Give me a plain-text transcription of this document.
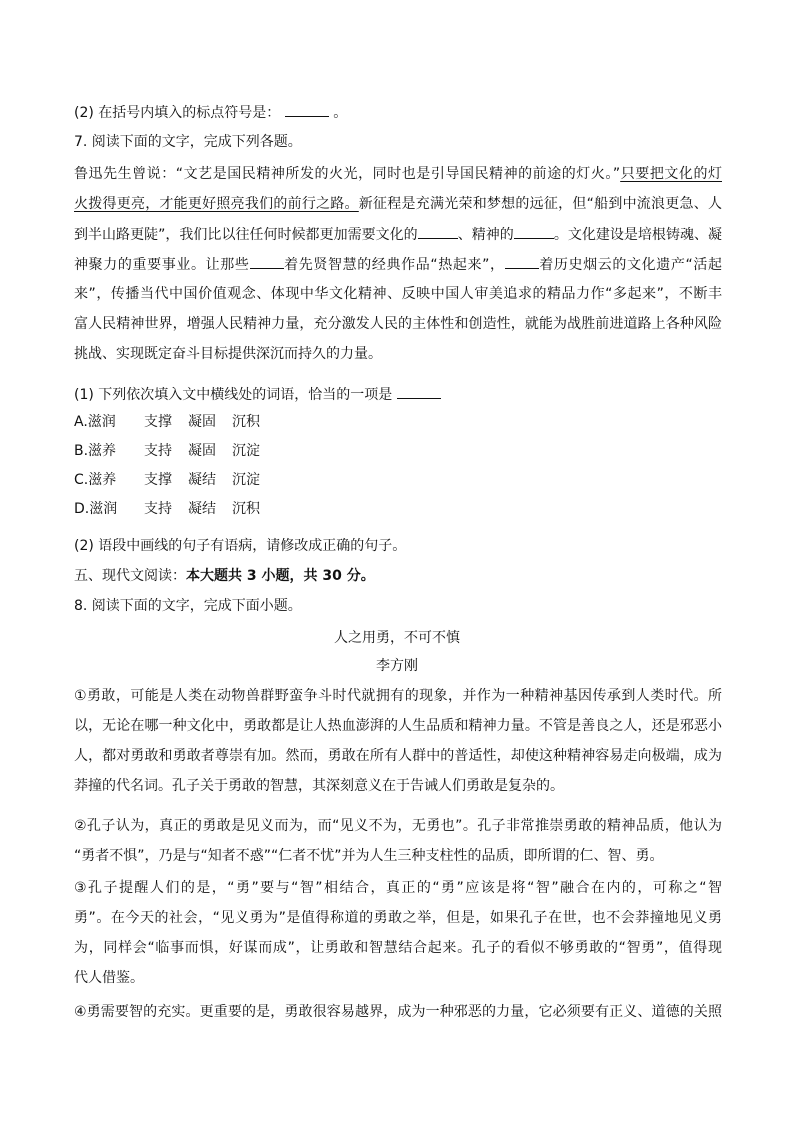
(2) 在括号内填入的标点符号是：	。
7. 阅读下面的文字，完成下列各题。
鲁迅先生曾说：“文艺是国民精神所发的火光，同时也是引导国民精神的前途的灯火。”只要把文化的灯
火拨得更亮，才能更好照亮我们的前行之路。新征程是充满光荣和梦想的远征，但“船到中流浪更急、人
到半山路更陡”，我们比以往任何时候都更加需要文化的	、精神的	。文化建设是培根铸魂、凝
神聚力的重要事业。让那些 着先贤智慧的经典作品“热起来”， 着历史烟云的文化遗产“活起
来”，传播当代中国价值观念、体现中华文化精神、反映中国人审美追求的精品力作“多起来”，不断丰
富人民精神世界，增强人民精神力量，充分激发人民的主体性和创造性，就能为战胜前进道路上各种风险
挑战、实现既定奋斗目标提供深沉而持久的力量。
(1) 下列依次填入文中横线处的词语，恰当的一项是
A.滋润 支撑 凝固 沉积
B.滋养 支持 凝固 沉淀
C.滋养 支撑 凝结 沉淀
D.滋润 支持 凝结 沉积
(2) 语段中画线的句子有语病，请修改成正确的句子。
五、现代文阅读：本大题共 3 小题，共 30 分。
8. 阅读下面的文字，完成下面小题。
人之用勇，不可不慎
李方刚
①勇敢，可能是人类在动物兽群野蛮争斗时代就拥有的现象，并作为一种精神基因传承到人类时代。所
以，无论在哪一种文化中，勇敢都是让人热血澎湃的人生品质和精神力量。不管是善良之人，还是邪恶小
人，都对勇敢和勇敢者尊崇有加。然而，勇敢在所有人群中的普适性，却使这种精神容易走向极端，成为
莽撞的代名词。孔子关于勇敢的智慧，其深刻意义在于告诫人们勇敢是复杂的。
②孔子认为，真正的勇敢是见义而为，而“见义不为，无勇也”。孔子非常推崇勇敢的精神品质，他认为
“勇者不惧”，乃是与“知者不惑”“仁者不忧”并为人生三种支柱性的品质，即所谓的仁、智、勇。
③孔子提醒人们的是，“勇”要与“智”相结合，真正的“勇”应该是将“智”融合在内的，可称之“智
勇”。在今天的社会，“见义勇为”是值得称道的勇敢之举，但是，如果孔子在世，也不会莽撞地见义勇
为，同样会“临事而惧，好谋而成”，让勇敢和智慧结合起来。孔子的看似不够勇敢的“智勇”，值得现
代人借鉴。
④勇需要智的充实。更重要的是，勇敢很容易越界，成为一种邪恶的力量，它必须要有正义、道德的关照
